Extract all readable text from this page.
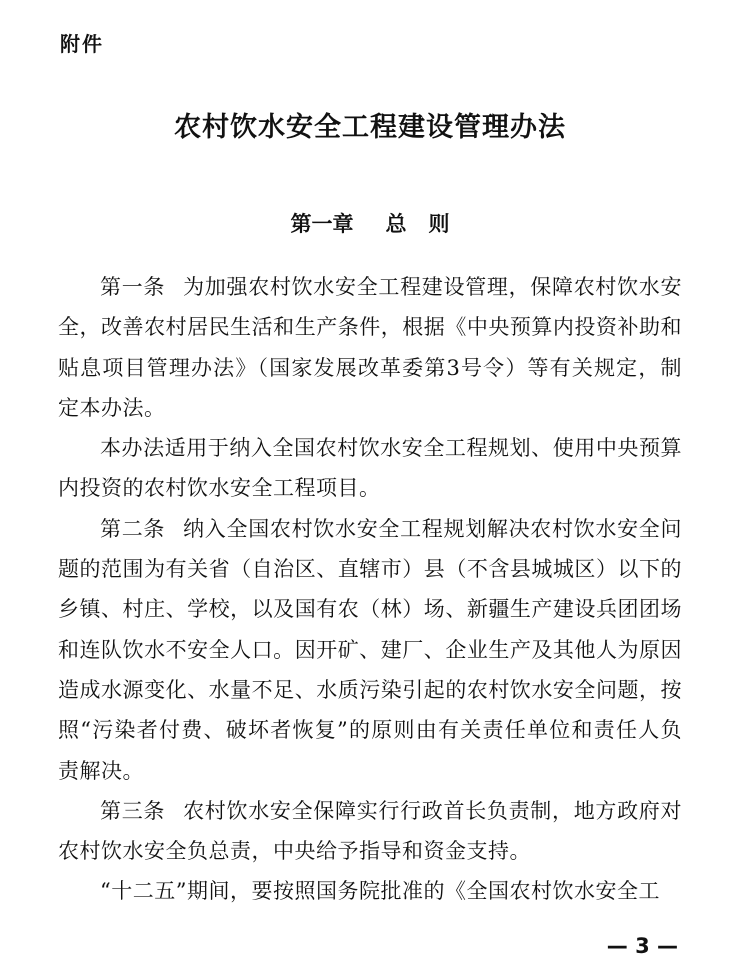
附件
农村饮水安全工程建设管理办法
第一章 总 则

第一条 为加强农村饮水安全工程建设管理，保障农村饮水安全，改善农村居民生活和生产条件，根据《中央预算内投资补助和贴息项目管理办法》（国家发展改革委第3号令）等有关规定，制定本办法。

本办法适用于纳入全国农村饮水安全工程规划、使用中央预算内投资的农村饮水安全工程项目。

第二条 纳入全国农村饮水安全工程规划解决农村饮水安全问题的范围为有关省（自治区、直辖市）县（不含县城城区）以下的乡镇、村庄、学校，以及国有农（林）场、新疆生产建设兵团团场和连队饮水不安全人口。因开矿、建厂、企业生产及其他人为原因造成水源变化、水量不足、水质污染引起的农村饮水安全问题，按照“污染者付费、破坏者恢复”的原则由有关责任单位和责任人负责解决。

第三条 农村饮水安全保障实行行政首长负责制，地方政府对农村饮水安全负总责，中央给予指导和资金支持。

“十二五”期间，要按照国务院批准的《全国农村饮水安全工

— 3 —
